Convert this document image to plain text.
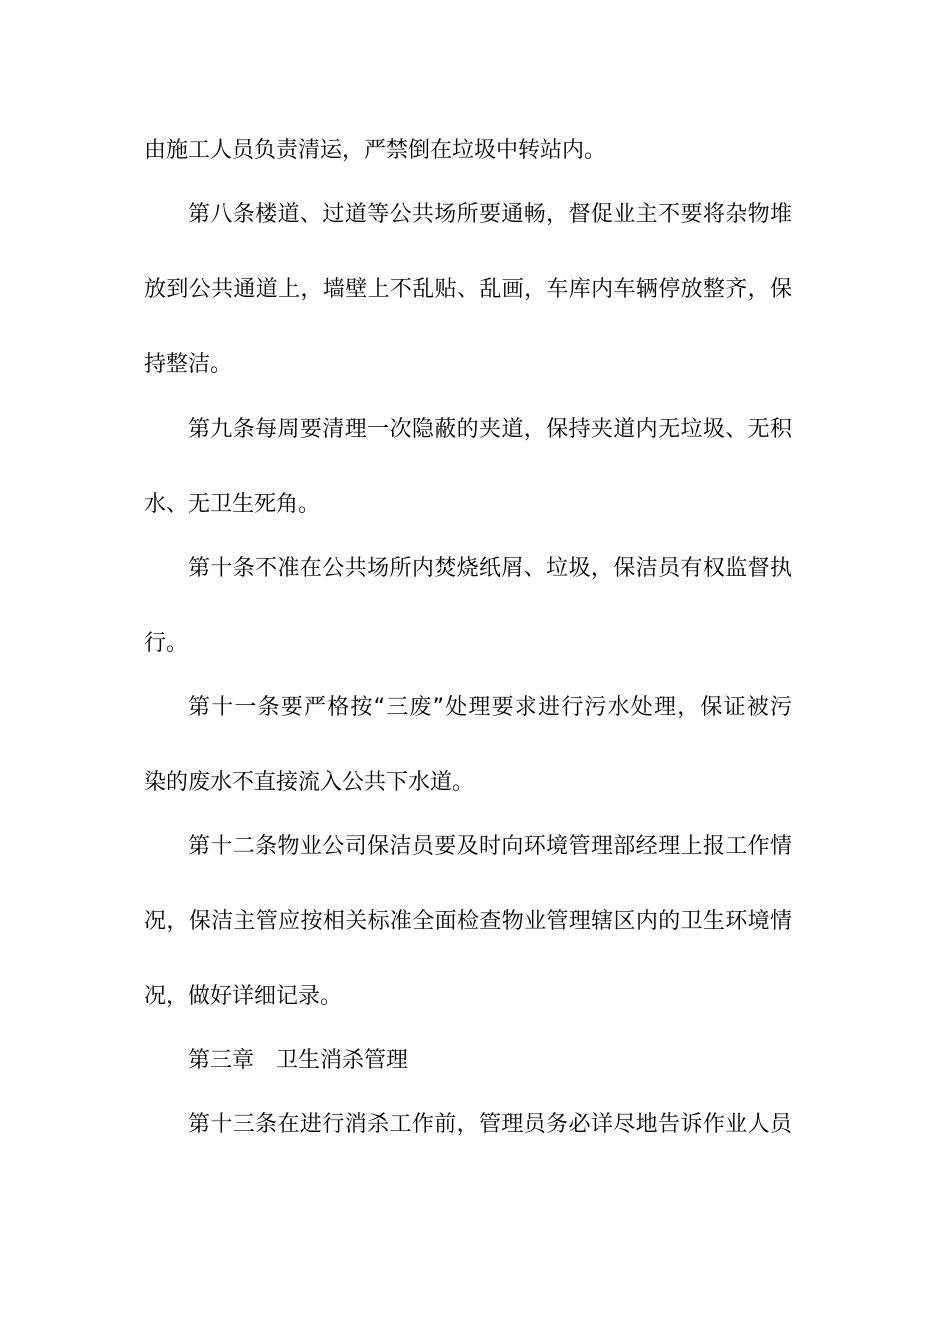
由施工人员负责清运，严禁倒在垃圾中转站内。

第八条楼道、过道等公共场所要通畅，督促业主不要将杂物堆

放到公共通道上，墙壁上不乱贴、乱画，车库内车辆停放整齐，保

持整洁。

第九条每周要清理一次隐蔽的夹道，保持夹道内无垃圾、无积

水、无卫生死角。

第十条不准在公共场所内焚烧纸屑、垃圾，保洁员有权监督执

行。

第十一条要严格按“三废”处理要求进行污水处理，保证被污

染的废水不直接流入公共下水道。

第十二条物业公司保洁员要及时向环境管理部经理上报工作情

况，保洁主管应按相关标准全面检查物业管理辖区内的卫生环境情

况，做好详细记录。

第三章　卫生消杀管理

第十三条在进行消杀工作前，管理员务必详尽地告诉作业人员
